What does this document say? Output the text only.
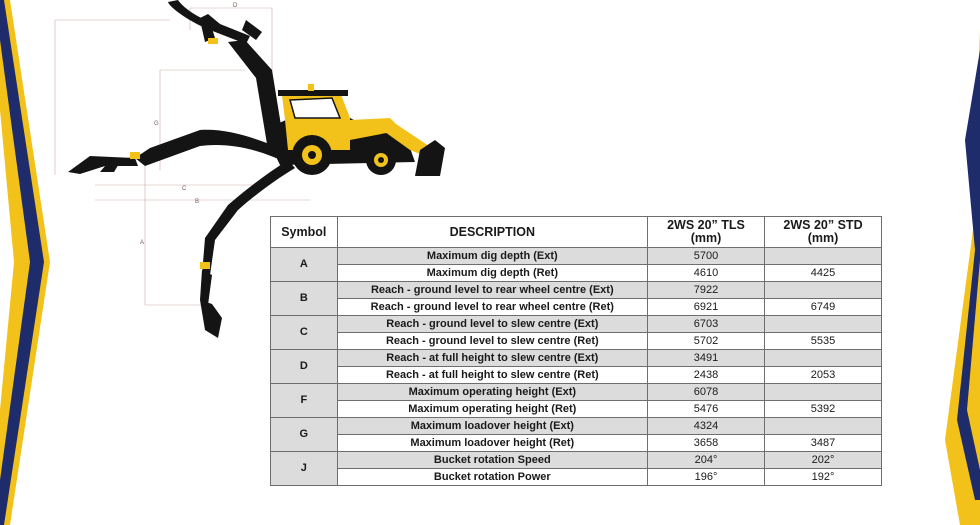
D
G
C
B
A
Symbol	DESCRIPTION	2WS 20” TLS
(mm)	2WS 20” STD
(mm)
A	Maximum dig depth (Ext)	5700	
	Maximum dig depth (Ret)	4610	4425
B	Reach - ground level to rear wheel centre (Ext)	7922	
	Reach - ground level to rear wheel centre (Ret)	6921	6749
C	Reach - ground level to slew centre (Ext)	6703	
	Reach - ground level to slew centre (Ret)	5702	5535
D	Reach - at full height to slew centre (Ext)	3491	
	Reach - at full height to slew centre (Ret)	2438	2053
F	Maximum operating height (Ext)	6078	
	Maximum operating height (Ret)	5476	5392
G	Maximum loadover height (Ext)	4324	
	Maximum loadover height (Ret)	3658	3487
J	Bucket rotation Speed	204°	202°
	Bucket rotation Power	196°	192°
